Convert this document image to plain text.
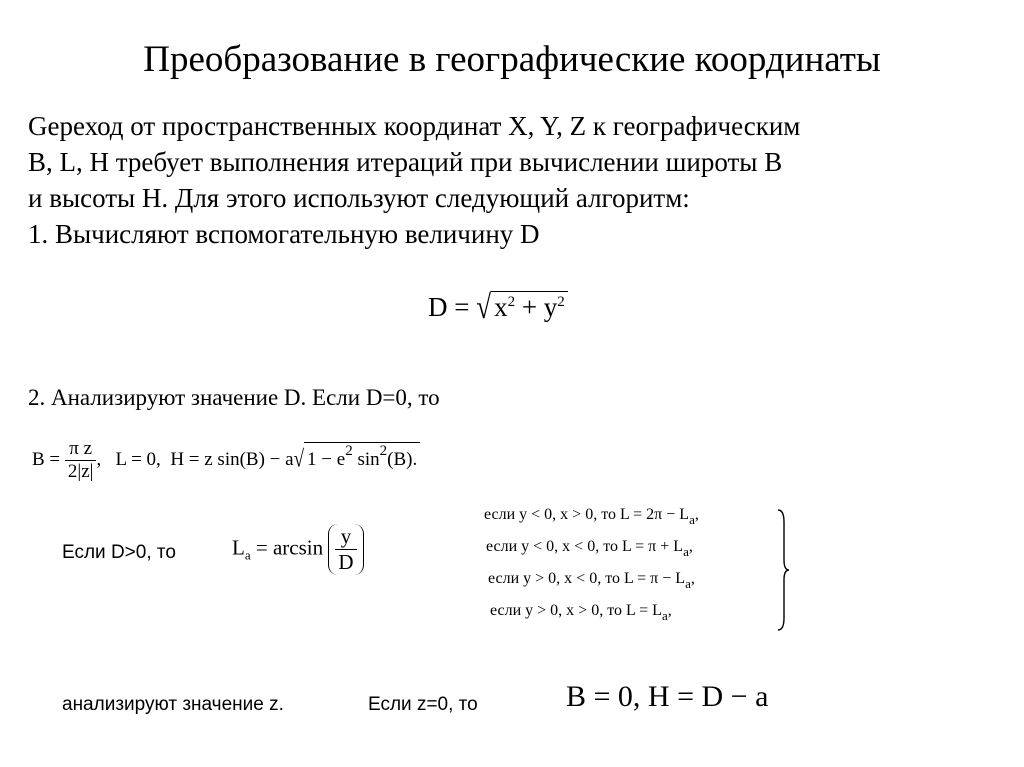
Преобразование в географические координаты
Gереход от пространственных координат X, Y, Z к географическим
B, L, H требует выполнения итераций при вычислении широты B
и высоты H. Для этого используют следующий алгоритм:
1. Вычисляют вспомогательную величину D
D = √ $x^2 + y^2$
2. Анализируют значение D. Если D=0, то
$B = \frac{\text{π z}}{2|z|}$ , L = 0, H = z sin(B) − a√ $1 - e^2$ $\sin^2(B)$.
Если D>0, то	$L_a = \arcsin \frac{y}{D}$
если y < 0, x > 0, то $L = 2\pi - L_a$,
если y < 0, x < 0, то $L = \pi + L_a$,
если y > 0, x < 0, то $L = \pi - L_a$,
если y > 0, x > 0, то $L = L_a$,
анализируют значение z.	Если z=0, то	B = 0, H = D − a
